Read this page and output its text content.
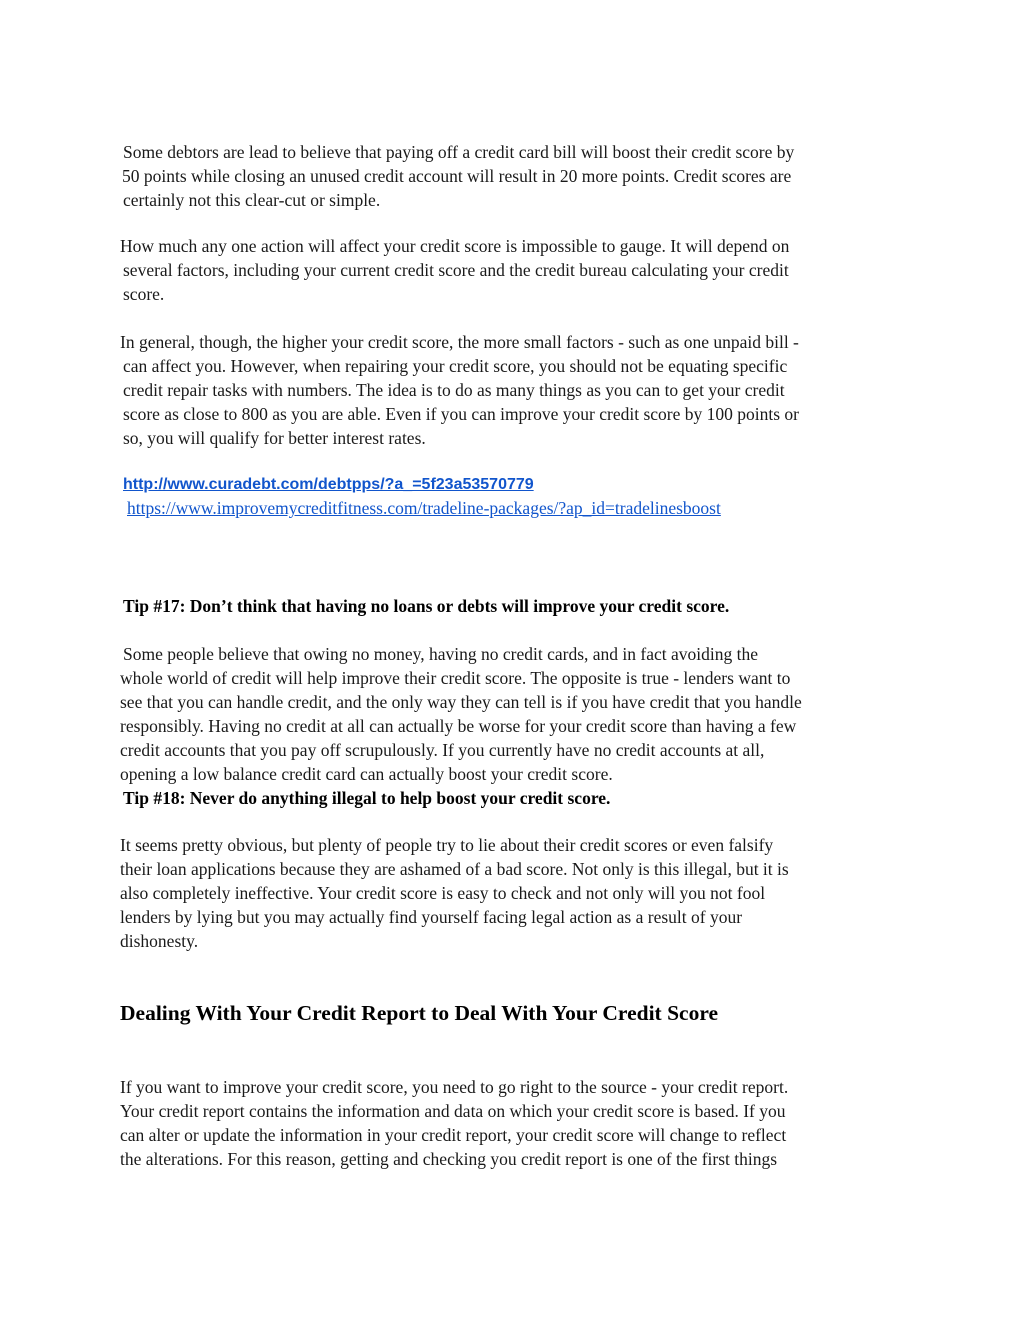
Some debtors are lead to believe that paying off a credit card bill will boost their credit score by
50 points while closing an unused credit account will result in 20 more points. Credit scores are
certainly not this clear-cut or simple.
How much any one action will affect your credit score is impossible to gauge. It will depend on
several factors, including your current credit score and the credit bureau calculating your credit
score.
In general, though, the higher your credit score, the more small factors - such as one unpaid bill -
can affect you. However, when repairing your credit score, you should not be equating specific
credit repair tasks with numbers. The idea is to do as many things as you can to get your credit
score as close to 800 as you are able. Even if you can improve your credit score by 100 points or
so, you will qualify for better interest rates.
http://www.curadebt.com/debtpps/?a_=5f23a53570779
https://www.improvemycreditfitness.com/tradeline-packages/?ap_id=tradelinesboost
Tip #17: Don’t think that having no loans or debts will improve your credit score.
Some people believe that owing no money, having no credit cards, and in fact avoiding the
whole world of credit will help improve their credit score. The opposite is true - lenders want to
see that you can handle credit, and the only way they can tell is if you have credit that you handle
responsibly. Having no credit at all can actually be worse for your credit score than having a few
credit accounts that you pay off scrupulously. If you currently have no credit accounts at all,
opening a low balance credit card can actually boost your credit score.
Tip #18: Never do anything illegal to help boost your credit score.
It seems pretty obvious, but plenty of people try to lie about their credit scores or even falsify
their loan applications because they are ashamed of a bad score. Not only is this illegal, but it is
also completely ineffective. Your credit score is easy to check and not only will you not fool
lenders by lying but you may actually find yourself facing legal action as a result of your
dishonesty.
Dealing With Your Credit Report to Deal With Your Credit Score
If you want to improve your credit score, you need to go right to the source - your credit report.
Your credit report contains the information and data on which your credit score is based. If you
can alter or update the information in your credit report, your credit score will change to reflect
the alterations. For this reason, getting and checking you credit report is one of the first things
